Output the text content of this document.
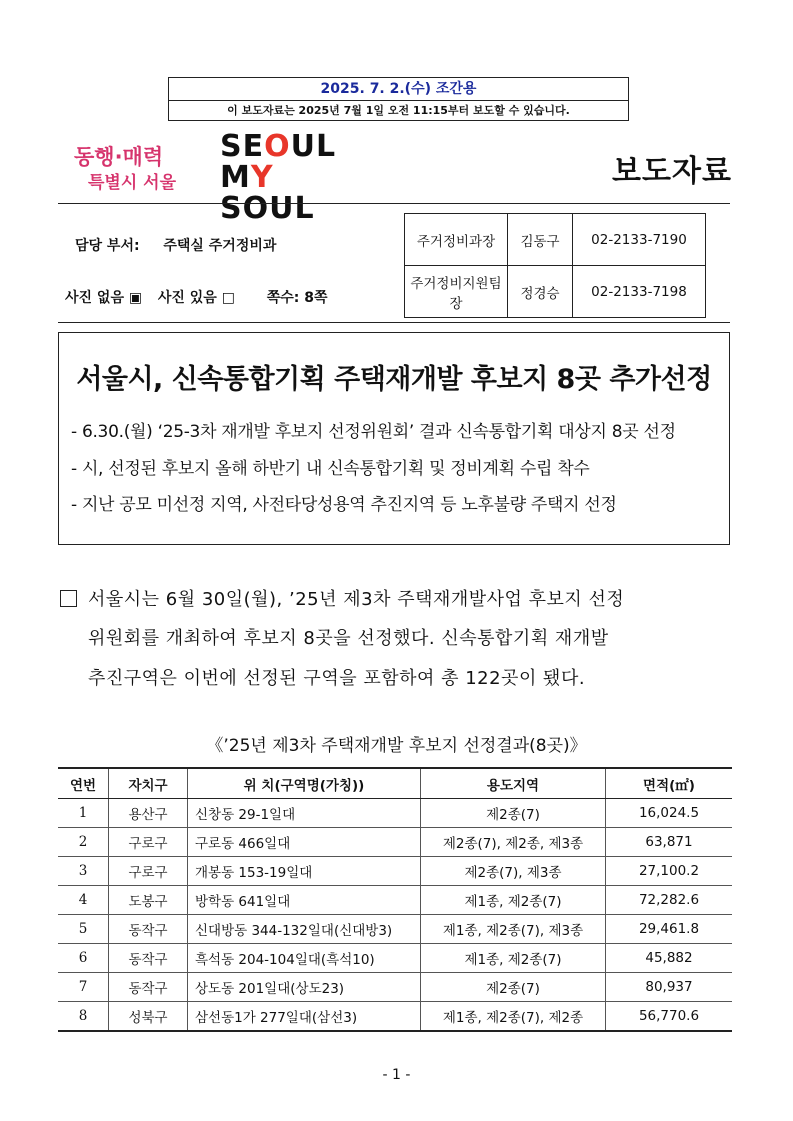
2025. 7. 2.(수) 조간용
이 보도자료는 2025년 7월 1일 오전 11:15부터 보도할 수 있습니다.
동행·매력
특별시 서울
SEOUL
MY SOUL
보도자료
담당 부서: 주택실 주거정비과
사진 없음 ▣ 사진 있음 □ 쪽수: 8쪽
주거정비과장	김동구	02-2133-7190
주거정비지원팀장	정경승	02-2133-7198
서울시, 신속통합기획 주택재개발 후보지 8곳 추가선정
- 6.30.(월) ‘25-3차 재개발 후보지 선정위원회’ 결과 신속통합기획 대상지 8곳 선정
- 시, 선정된 후보지 올해 하반기 내 신속통합기획 및 정비계획 수립 착수
- 지난 공모 미선정 지역, 사전타당성용역 추진지역 등 노후불량 주택지 선정
서울시는 6월 30일(월), ’25년 제3차 주택재개발사업 후보지 선정
위원회를 개최하여 후보지 8곳을 선정했다. 신속통합기획 재개발
추진구역은 이번에 선정된 구역을 포함하여 총 122곳이 됐다.
《’25년 제3차 주택재개발 후보지 선정결과(8곳)》
연번	자치구	위 치(구역명(가칭))	용도지역	면적(㎡)
1	용산구	신창동 29-1일대	제2종(7)	16,024.5
2	구로구	구로동 466일대	제2종(7), 제2종, 제3종	63,871
3	구로구	개봉동 153-19일대	제2종(7), 제3종	27,100.2
4	도봉구	방학동 641일대	제1종, 제2종(7)	72,282.6
5	동작구	신대방동 344-132일대(신대방3)	제1종, 제2종(7), 제3종	29,461.8
6	동작구	흑석동 204-104일대(흑석10)	제1종, 제2종(7)	45,882
7	동작구	상도동 201일대(상도23)	제2종(7)	80,937
8	성북구	삼선동1가 277일대(삼선3)	제1종, 제2종(7), 제2종	56,770.6
- 1 -
